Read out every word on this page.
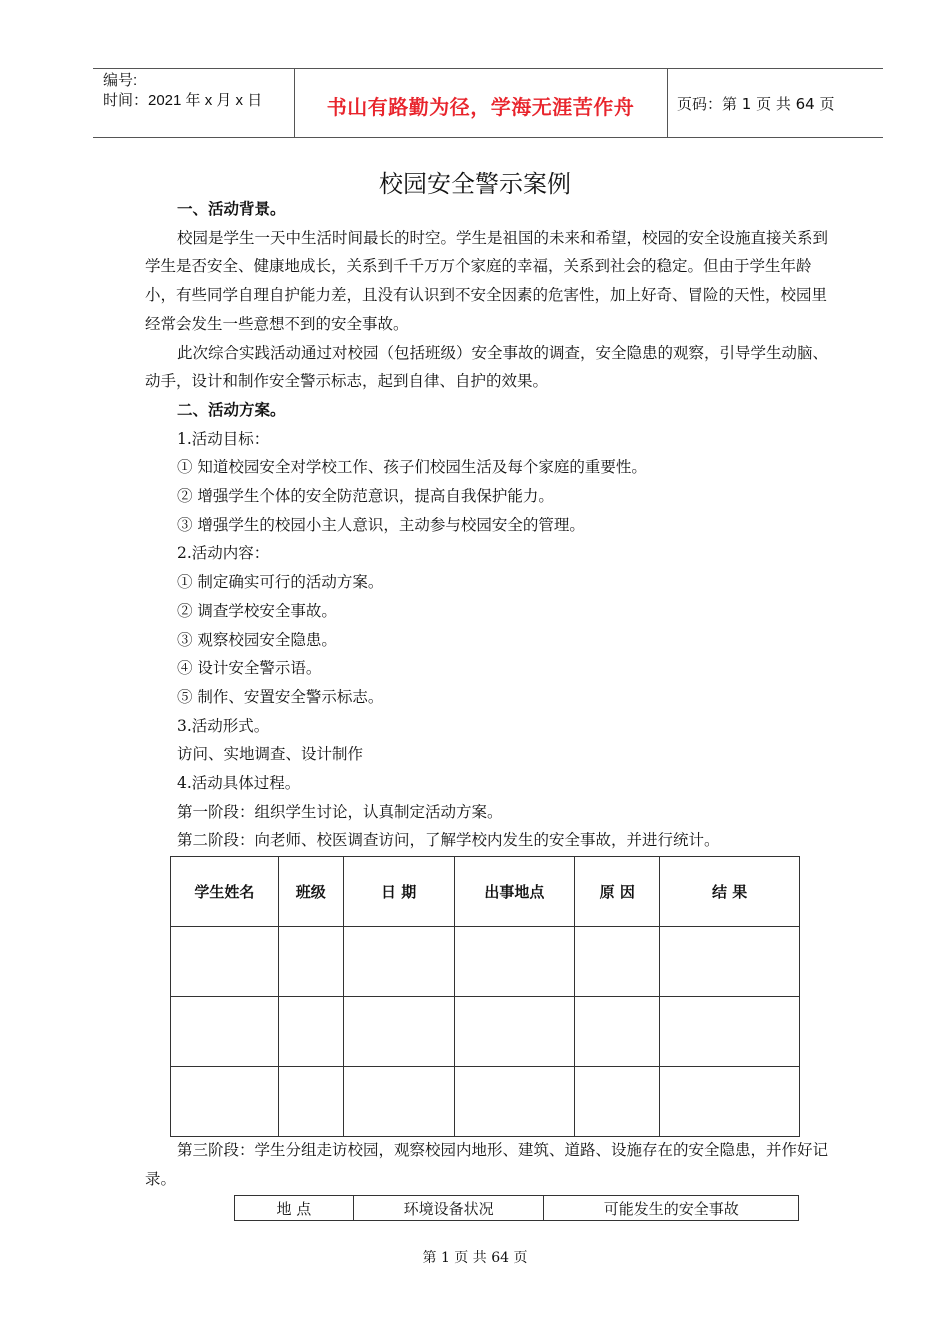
编号:
时间：2021 年 x 月 x 日	书山有路勤为径，学海无涯苦作舟	页码：第 1 页 共 64 页
校园安全警示案例

一、活动背景。

校园是学生一天中生活时间最长的时空。学生是祖国的未来和希望，校园的安全设施直接关系到学生是否安全、健康地成长，关系到千千万万个家庭的幸福，关系到社会的稳定。但由于学生年龄小，有些同学自理自护能力差，且没有认识到不安全因素的危害性，加上好奇、冒险的天性，校园里经常会发生一些意想不到的安全事故。

此次综合实践活动通过对校园（包括班级）安全事故的调查，安全隐患的观察，引导学生动脑、动手，设计和制作安全警示标志，起到自律、自护的效果。

二、活动方案。

1.活动目标：

① 知道校园安全对学校工作、孩子们校园生活及每个家庭的重要性。

② 增强学生个体的安全防范意识，提高自我保护能力。

③ 增强学生的校园小主人意识，主动参与校园安全的管理。

2.活动内容：

① 制定确实可行的活动方案。

② 调查学校安全事故。

③ 观察校园安全隐患。

④ 设计安全警示语。

⑤ 制作、安置安全警示标志。

3.活动形式。

访问、实地调查、设计制作

4.活动具体过程。

第一阶段：组织学生讨论，认真制定活动方案。

第二阶段：向老师、校医调查访问，了解学校内发生的安全事故，并进行统计。

学生姓名	班级	日 期	出事地点	原 因	结 果

第三阶段：学生分组走访校园，观察校园内地形、建筑、道路、设施存在的安全隐患，并作好记录。

地 点	环境设备状况	可能发生的安全事故
第 1 页 共 64 页
